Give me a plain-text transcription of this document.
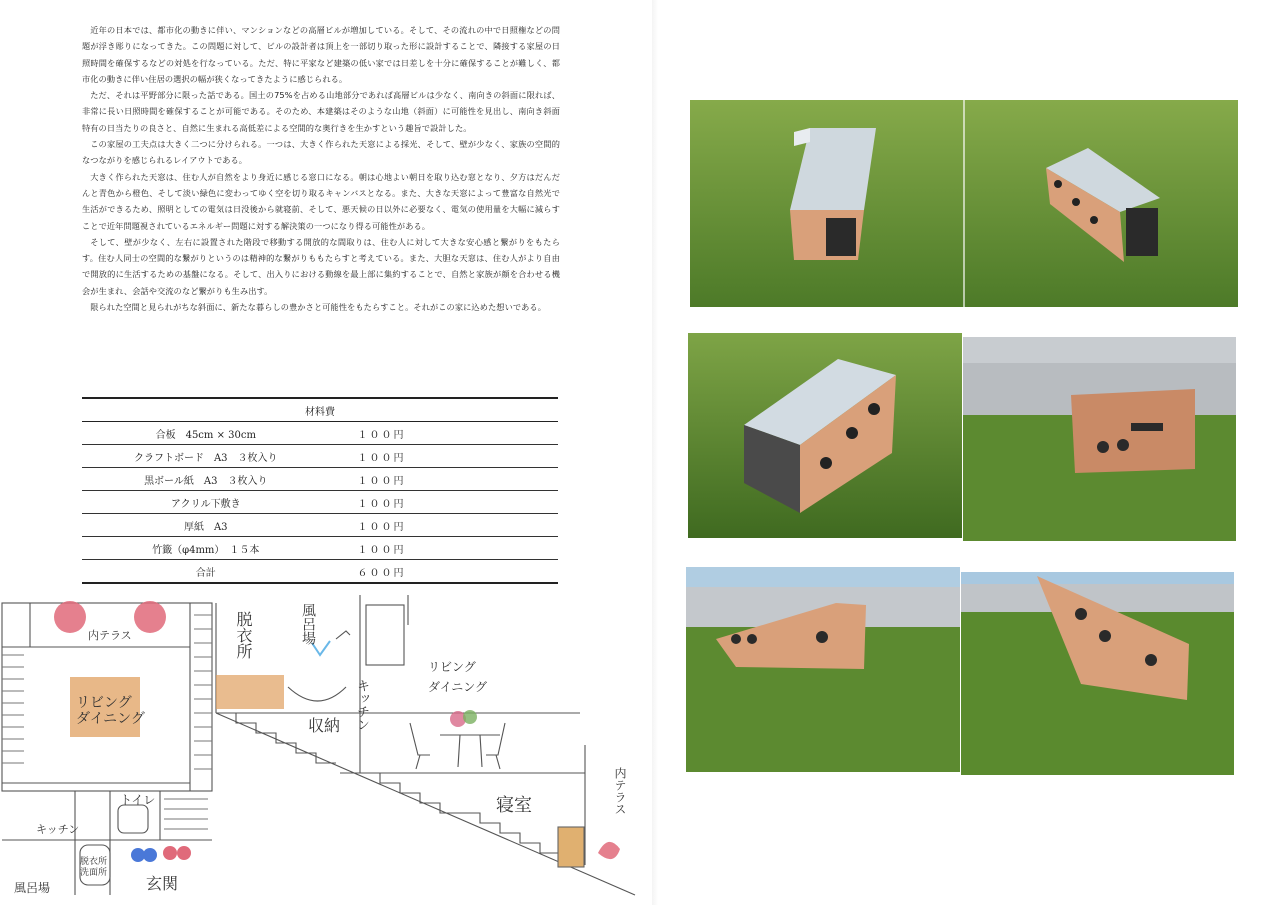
近年の日本では、都市化の動きに伴い、マンションなどの高層ビルが増加している。そして、その流れの中で日照権などの問題が浮き彫りになってきた。この問題に対して、ビルの設計者は頂上を一部切り取った形に設計することで、隣接する家屋の日照時間を確保するなどの対処を行なっている。ただ、特に平家など建築の低い家では日差しを十分に確保することが難しく、都市化の動きに伴い住居の選択の幅が狭くなってきたように感じられる。

ただ、それは平野部分に限った話である。国土の75%を占める山地部分であれば高層ビルは少なく、南向きの斜面に限れば、非常に長い日照時間を確保することが可能である。そのため、本建築はそのような山地（斜面）に可能性を見出し、南向き斜面特有の日当たりの良さと、自然に生まれる高低差による空間的な奥行きを生かすという趣旨で設計した。

この家屋の工夫点は大きく二つに分けられる。一つは、大きく作られた天窓による採光、そして、壁が少なく、家族の空間的なつながりを感じられるレイアウトである。

大きく作られた天窓は、住む人が自然をより身近に感じる窓口になる。朝は心地よい朝日を取り込む窓となり、夕方はだんだんと青色から橙色、そして淡い緑色に変わってゆく空を切り取るキャンバスとなる。また、大きな天窓によって豊富な自然光で生活ができるため、照明としての電気は日没後から就寝前、そして、悪天候の日以外に必要なく、電気の使用量を大幅に減らすことで近年問題視されているエネルギー問題に対する解決策の一つになり得る可能性がある。

そして、壁が少なく、左右に設置された階段で移動する開放的な間取りは、住む人に対して大きな安心感と繋がりをもたらす。住む人同士の空間的な繋がりというのは精神的な繋がりももたらすと考えている。また、大胆な天窓は、住む人がより自由で開放的に生活するための基盤になる。そして、出入りにおける動線を最上部に集約することで、自然と家族が顔を合わせる機会が生まれ、会話や交流のなど繋がりも生み出す。

限られた空間と見られがちな斜面に、新たな暮らしの豊かさと可能性をもたらすこと。それがこの家に込めた想いである。

材料費	
合板　45cm × 30cm	１００円
クラフトボード　A3　３枚入り	１００円
黒ボール紙　A3　３枚入り	１００円
アクリル下敷き	１００円
厚紙　A3	１００円
竹籤（φ4mm）　１５本	１００円
合計	６００円
内テラス
リビング
ダイニング
キッチン
トイレ
風呂場
脱衣所
洗面所
玄関
脱衣所	風呂場
収納 キッチン
リビング
ダイニング
寝室	内テラス
